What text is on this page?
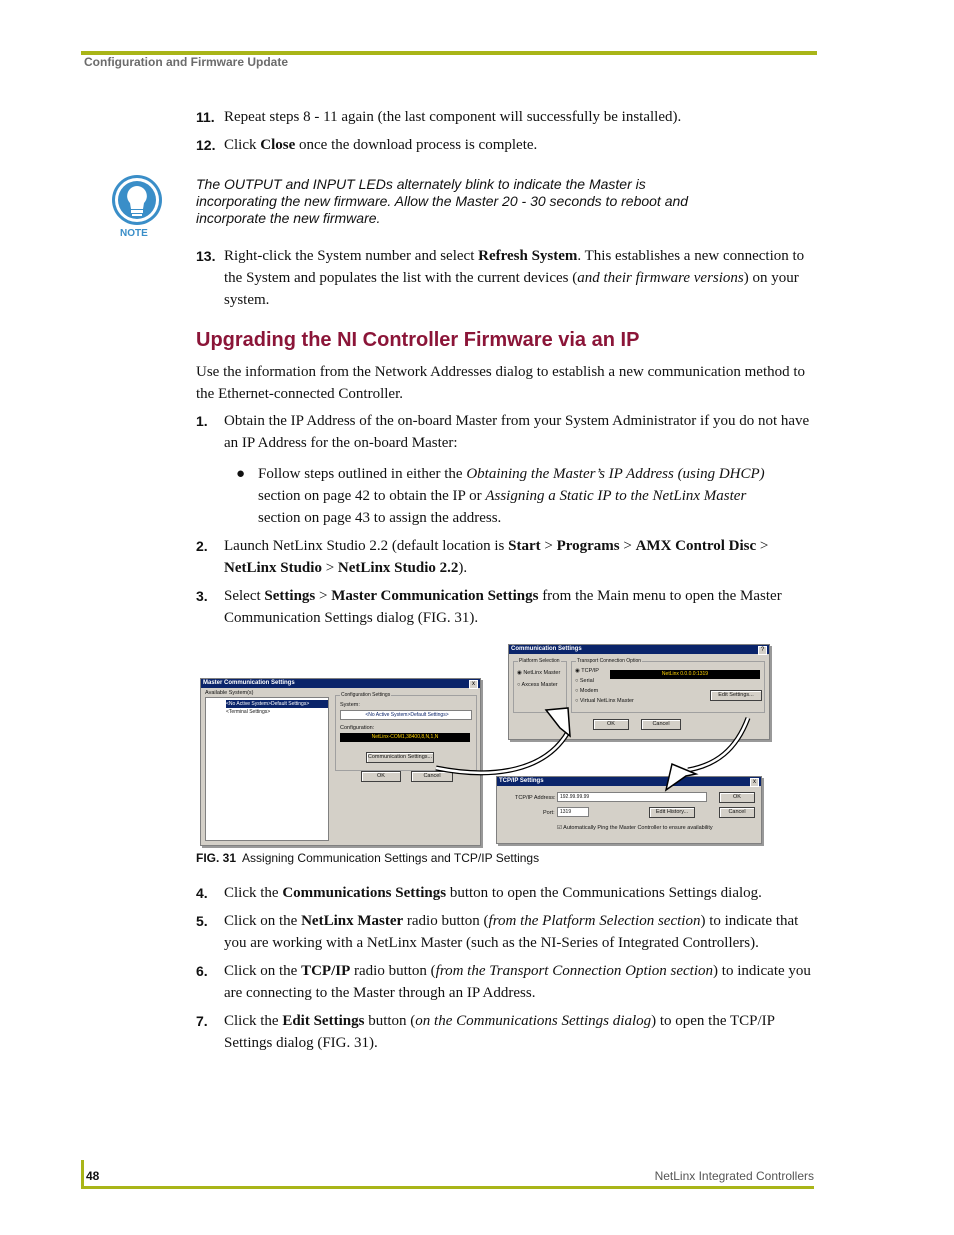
Configuration and Firmware Update
11. Repeat steps 8 - 11 again (the last component will successfully be installed).
12. Click Close once the download process is complete.
NOTE
The OUTPUT and INPUT LEDs alternately blink to indicate the Master is incorporating the new firmware. Allow the Master 20 - 30 seconds to reboot and incorporate the new firmware.
13. Right-click the System number and select Refresh System. This establishes a new connection to the System and populates the list with the current devices (and their firmware versions) on your system.
Upgrading the NI Controller Firmware via an IP
Use the information from the Network Addresses dialog to establish a new communication method to the Ethernet-connected Controller.
1. Obtain the IP Address of the on-board Master from your System Administrator if you do not have an IP Address for the on-board Master:
● Follow steps outlined in either the Obtaining the Master’s IP Address (using DHCP) section on page 42 to obtain the IP or Assigning a Static IP to the NetLinx Master section on page 43 to assign the address.
2. Launch NetLinx Studio 2.2 (default location is Start > Programs > AMX Control Disc > NetLinx Studio > NetLinx Studio 2.2).
3. Select Settings > Master Communication Settings from the Main menu to open the Master Communication Settings dialog (FIG. 31).
Master Communication Settings	x
Available System(s)
<No Active System>Default Settings>
<Terminal Settings>
Configuration Settings
System:
<No Active System>Default Settings>
Configuration:
NetLinx-COM1,38400,8,N,1,N
Communication Settings...
OK	Cancel
Communication Settings	?
Platform Selection
◉ NetLinx Master
○ Axcess Master
Transport Connection Option
◉ TCP/IP
○ Serial
○ Modem
○ Virtual NetLinx Master
NetLinx 0.0.0.0:1319
Edit Settings...
OK	Cancel
TCP/IP Settings	x
TCP/IP Address: 192.99.99.99
Port:	1319	Edit History...
OK
Cancel
☑ Automatically Ping the Master Controller to ensure availability
FIG. 31 Assigning Communication Settings and TCP/IP Settings
4. Click the Communications Settings button to open the Communications Settings dialog.
5. Click on the NetLinx Master radio button (from the Platform Selection section) to indicate that you are working with a NetLinx Master (such as the NI-Series of Integrated Controllers).
6. Click on the TCP/IP radio button (from the Transport Connection Option section) to indicate you are connecting to the Master through an IP Address.
7. Click the Edit Settings button (on the Communications Settings dialog) to open the TCP/IP Settings dialog (FIG. 31).
48	NetLinx Integrated Controllers
